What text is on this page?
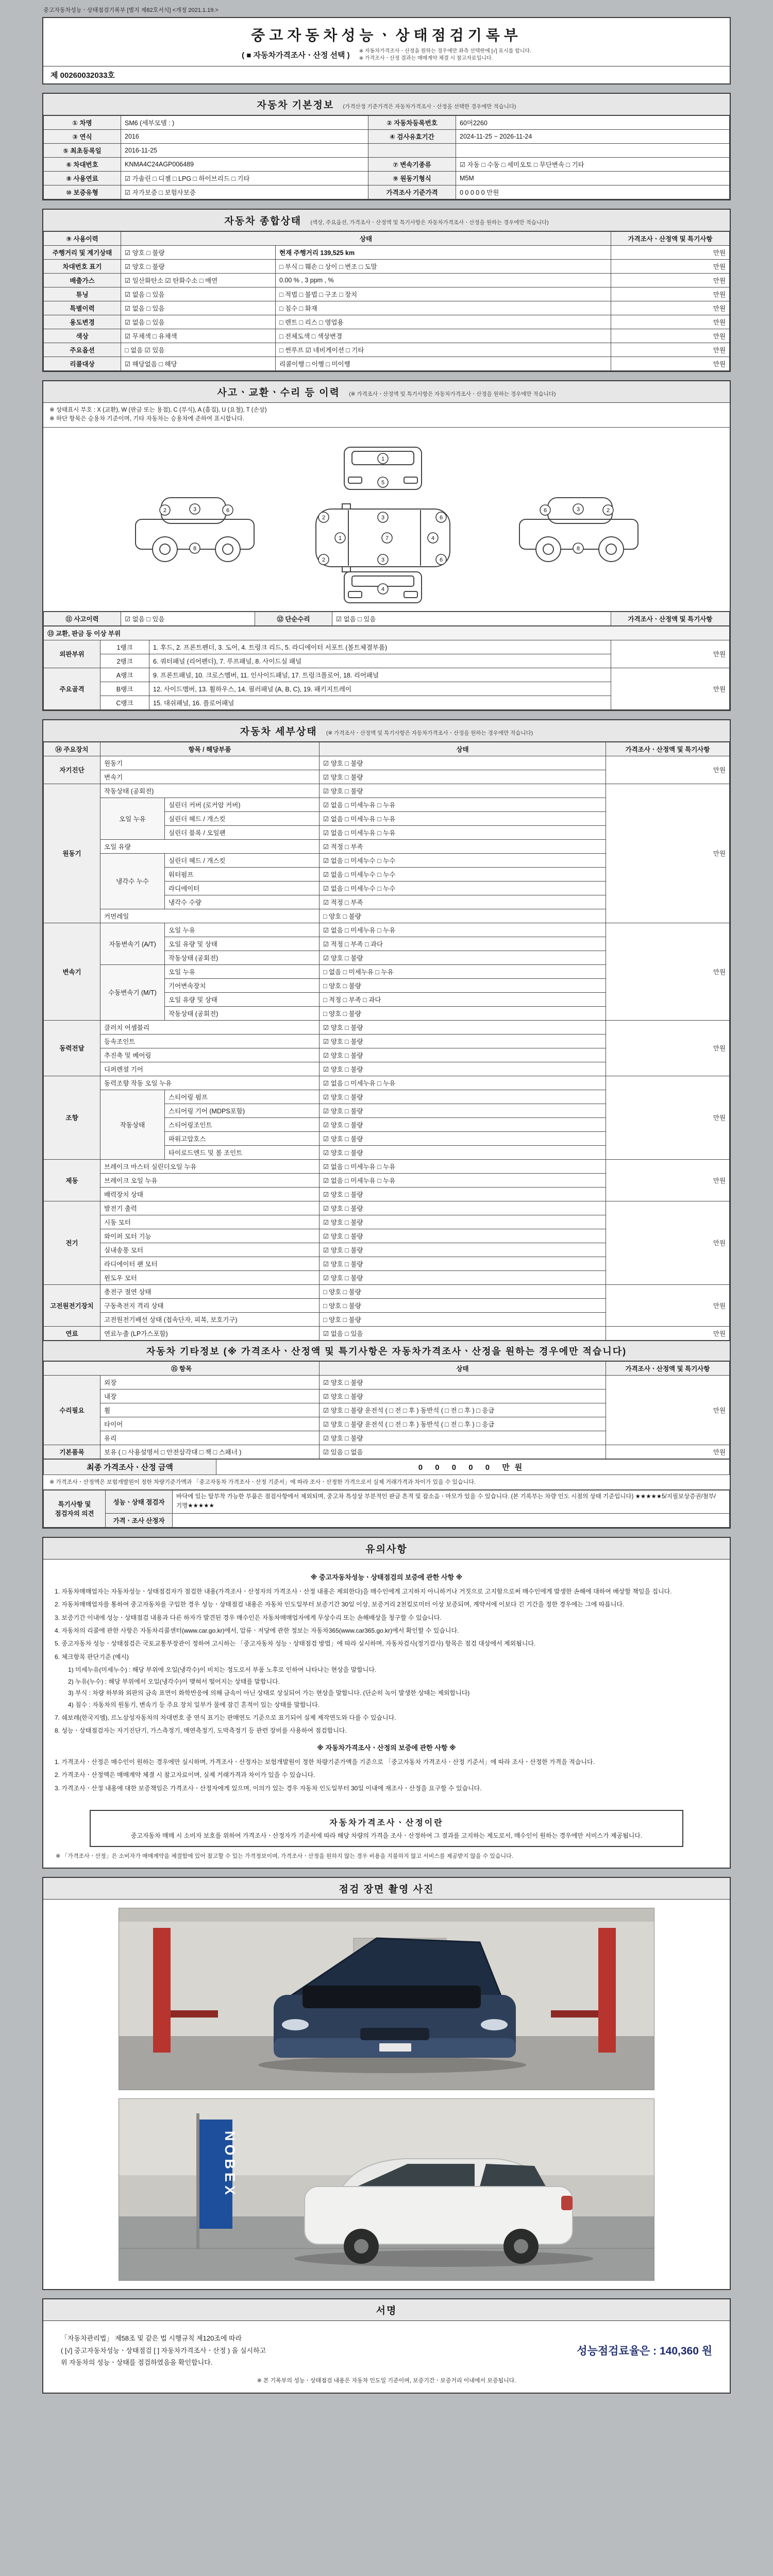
중고자동차성능ㆍ상태점검기록부 [별지 제82호서식] <개정 2021.1.19.>
중고자동차성능ㆍ상태점검기록부
( ■ 자동차가격조사ㆍ산정 선택 ) ※ 자동차가격조사ㆍ산정을 원하는 경우에만 좌측 선택란에 [√] 표시를 합니다.
※ 가격조사ㆍ산정 결과는 매매계약 체결 시 참고자료입니다.
제 00260032033호
자동차 기본정보 (가격산정 기준가격은 자동차가격조사ㆍ산정을 선택한 경우에만 적습니다)
① 차명	SM6 (세부모델 : )	② 자동차등록번호	60머2260
③ 연식	2016	④ 검사유효기간	2024-11-25 ~ 2026-11-24
⑤ 최초등록일	2016-11-25		
⑥ 차대번호	KNMA4C24AGP006489	⑦ 변속기종류	☑ 자동 □ 수동 □ 세미오토 □ 무단변속 □ 기타
⑧ 사용연료	☑ 가솔린 □ 디젤 □ LPG □ 하이브리드 □ 기타	⑨ 원동기형식	M5M
⑩ 보증유형	☑ 자가보증 □ 보험사보증	가격조사 기준가격	0 0 0 0 0 만원
자동차 종합상태 (색상, 주요옵션, 가격조사ㆍ산정액 및 특기사항은 자동차가격조사ㆍ산정을 원하는 경우에만 적습니다)
⑨ 사용이력	상태		가격조사ㆍ산정액 및 특기사항
주행거리 및 계기상태	☑ 양호 □ 불량	현재 주행거리 139,525 km	만원
차대번호 표기	☑ 양호 □ 불량	□ 부식 □ 훼손 □ 상이 □ 변조 □ 도말	만원
배출가스	☑ 일산화탄소 ☑ 탄화수소 □ 매연	0.00 % , 3 ppm , %	만원
튜닝	☑ 없음 □ 있음	□ 적법 □ 불법 □ 구조 □ 장치	만원
특별이력	☑ 없음 □ 있음	□ 침수 □ 화재	만원
용도변경	☑ 없음 □ 있음	□ 렌트 □ 리스 □ 영업용	만원
색상	☑ 무채색 □ 유채색	□ 전체도색 □ 색상변경	만원
주요옵션	□ 없음 ☑ 있음	□ 썬루프 ☑ 네비게이션 □ 기타	만원
리콜대상	☑ 해당없음 □ 해당	리콜이행 □ 이행 □ 미이행	만원
사고ㆍ교환ㆍ수리 등 이력 (※ 가격조사ㆍ산정액 및 특기사항은 자동차가격조사ㆍ산정을 원하는 경우에만 적습니다)
※ 상태표시 부호 : X (교환), W (판금 또는 용접), C (부식), A (흠집), U (요철), T (손상)
※ 하단 항목은 승용차 기준이며, 기타 자동차는 승용차에 준하여 표시합니다.
1
5
2
2
3
3
6
6
1	7	4
4
2	3	6
8
2
3
6
8
⑪ 사고이력	☑ 없음 □ 있음	⑫ 단순수리	☑ 없음 □ 있음	가격조사ㆍ산정액 및 특기사항
⑬ 교환, 판금 등 이상 부위			
외판부위	1랭크	1. 후드, 2. 프론트펜더, 3. 도어, 4. 트렁크 리드, 5. 라디에이터 서포트 (볼트체결부품)	만원
	2랭크	6. 쿼터패널 (리어펜더), 7. 루프패널, 8. 사이드실 패널	
주요골격	A랭크	9. 프론트패널, 10. 크로스멤버, 11. 인사이드패널, 17. 트렁크플로어, 18. 리어패널	만원
	B랭크	12. 사이드멤버, 13. 휠하우스, 14. 필러패널 (A, B, C), 19. 패키지트레이	
	C랭크	15. 대쉬패널, 16. 플로어패널	
자동차 세부상태 (※ 가격조사ㆍ산정액 및 특기사항은 자동차가격조사ㆍ산정을 원하는 경우에만 적습니다)
⑭ 주요장치	항목 / 해당부품		상태	가격조사ㆍ산정액 및 특기사항
자기진단	원동기		☑ 양호 □ 불량	만원
	변속기		☑ 양호 □ 불량	
원동기	작동상태 (공회전)		☑ 양호 □ 불량	만원
	오일 누유	실린더 커버 (로커암 커버)	☑ 없음 □ 미세누유 □ 누유	
		실린더 헤드 / 개스킷	☑ 없음 □ 미세누유 □ 누유	
		실린더 블록 / 오일팬	☑ 없음 □ 미세누유 □ 누유	
	오일 유량		☑ 적정 □ 부족	
	냉각수 누수	실린더 헤드 / 개스킷	☑ 없음 □ 미세누수 □ 누수	
		워터펌프	☑ 없음 □ 미세누수 □ 누수	
		라디에이터	☑ 없음 □ 미세누수 □ 누수	
		냉각수 수량	☑ 적정 □ 부족	
	커먼레일		□ 양호 □ 불량	
변속기	자동변속기 (A/T)	오일 누유	☑ 없음 □ 미세누유 □ 누유	만원
		오일 유량 및 상태	☑ 적정 □ 부족 □ 과다	
		작동상태 (공회전)	☑ 양호 □ 불량	
	수동변속기 (M/T)	오일 누유	□ 없음 □ 미세누유 □ 누유	
		기어변속장치	□ 양호 □ 불량	
		오일 유량 및 상태	□ 적정 □ 부족 □ 과다	
		작동상태 (공회전)	□ 양호 □ 불량	
동력전달	클러치 어셈블리		☑ 양호 □ 불량	만원
	등속조인트		☑ 양호 □ 불량	
	추진축 및 베어링		☑ 양호 □ 불량	
	디퍼렌셜 기어		☑ 양호 □ 불량	
조향	동력조향 작동 오일 누유		☑ 없음 □ 미세누유 □ 누유	만원
	작동상태	스티어링 펌프	☑ 양호 □ 불량	
		스티어링 기어 (MDPS포함)	☑ 양호 □ 불량	
		스티어링조인트	☑ 양호 □ 불량	
		파워고압호스	☑ 양호 □ 불량	
		타이로드엔드 및 볼 조인트	☑ 양호 □ 불량	
제동	브레이크 마스터 실린더오일 누유		☑ 없음 □ 미세누유 □ 누유	만원
	브레이크 오일 누유		☑ 없음 □ 미세누유 □ 누유	
	배력장치 상태		☑ 양호 □ 불량	
전기	발전기 출력		☑ 양호 □ 불량	만원
	시동 모터		☑ 양호 □ 불량	
	와이퍼 모터 기능		☑ 양호 □ 불량	
	실내송풍 모터		☑ 양호 □ 불량	
	라디에이터 팬 모터		☑ 양호 □ 불량	
	윈도우 모터		☑ 양호 □ 불량	
고전원전기장치	충전구 절연 상태		□ 양호 □ 불량	만원
	구동축전지 격리 상태		□ 양호 □ 불량	
	고전원전기배선 상태 (접속단자, 피복, 보호기구)		□ 양호 □ 불량	
연료	연료누출 (LP가스포함)		☑ 없음 □ 있음	만원
자동차 기타정보 (※ 가격조사ㆍ산정액 및 특기사항은 자동차가격조사ㆍ산정을 원하는 경우에만 적습니다)
⑮ 항목		상태	가격조사ㆍ산정액 및 특기사항
수리필요	외장	☑ 양호 □ 불량	만원
	내장	☑ 양호 □ 불량	
	휠	☑ 양호 □ 불량 운전석 ( □ 전 □ 후 ) 동반석 ( □ 전 □ 후 ) □ 응급	
	타이어	☑ 양호 □ 불량 운전석 ( □ 전 □ 후 ) 동반석 ( □ 전 □ 후 ) □ 응급	
	유리	☑ 양호 □ 불량	
기본품목	보유 ( □ 사용설명서 □ 안전삼각대 □ 잭 □ 스패너 )	☑ 있음 □ 없음	만원
최종 가격조사ㆍ산정 금액	0 0 0 0 0 만원
※ 가격조사ㆍ산정액은 보험개발원이 정한 차량기준가액과 「중고자동차 가격조사ㆍ산정 기준서」에 따라 조사ㆍ산정한 가격으로서 실제 거래가격과 차이가 있을 수 있습니다.
특기사항 및 점검자의 의견	성능ㆍ상태 점검자	바닥에 있는 탈부착 가능한 부품은 점검사항에서 제외되며, 중고차 특성상 부분적인 판금 흔적 및 잡소음ㆍ마모가 있을 수 있습니다. (본 기록부는 차량 인도 시점의 상태 기준입니다) ★★★★★5/지필보상증권/첨부/기명★★★★★
	가격ㆍ조사 산정자	
유의사항
※ 중고자동차성능ㆍ상태점검의 보증에 관한 사항 ※
1. 자동차매매업자는 자동차성능ㆍ상태점검자가 점검한 내용(가격조사ㆍ산정자의 가격조사ㆍ산정 내용은 제외한다)을 매수인에게 고지하지 아니하거나 거짓으로 고지함으로써 매수인에게 발생한 손해에 대하여 배상할 책임을 집니다.
2. 자동차매매업자를 통하여 중고자동차를 구입한 경우 성능ㆍ상태점검 내용은 자동차 인도일부터 보증기간 30일 이상, 보증거리 2천킬로미터 이상 보증되며, 계약서에 이보다 긴 기간을 정한 경우에는 그에 따릅니다.
3. 보증기간 이내에 성능ㆍ상태점검 내용과 다른 하자가 발견된 경우 매수인은 자동차매매업자에게 무상수리 또는 손해배상을 청구할 수 있습니다.
4. 자동차의 리콜에 관한 사항은 자동차리콜센터(www.car.go.kr)에서, 압류ㆍ저당에 관한 정보는 자동차365(www.car365.go.kr)에서 확인할 수 있습니다.
5. 중고자동차 성능ㆍ상태점검은 국토교통부장관이 정하여 고시하는 「중고자동차 성능ㆍ상태점검 방법」에 따라 실시하며, 자동차검사(정기검사) 항목은 점검 대상에서 제외됩니다.
6. 체크항목 판단기준 (예시)
1) 미세누유(미세누수) : 해당 부위에 오일(냉각수)이 비치는 정도로서 부품 노후로 인하여 나타나는 현상을 말합니다.
2) 누유(누수) : 해당 부위에서 오일(냉각수)이 맺혀서 떨어지는 상태를 말합니다.
3) 부식 : 차량 하부와 외판의 금속 표면이 화학반응에 의해 금속이 아닌 상태로 상실되어 가는 현상을 말합니다. (단순히 녹이 발생한 상태는 제외합니다)
4) 침수 : 자동차의 원동기, 변속기 등 주요 장치 일부가 물에 잠긴 흔적이 있는 상태를 말합니다.
7. 쉐보레(한국지엠), 르노삼성자동차의 차대번호 중 연식 표기는 판매연도 기준으로 표기되어 실제 제작연도와 다를 수 있습니다.
8. 성능ㆍ상태점검자는 자기진단기, 가스측정기, 매연측정기, 도막측정기 등 관련 장비를 사용하여 점검합니다.
※ 자동차가격조사ㆍ산정의 보증에 관한 사항 ※
1. 가격조사ㆍ산정은 매수인이 원하는 경우에만 실시하며, 가격조사ㆍ산정자는 보험개발원이 정한 차량기준가액을 기준으로 「중고자동차 가격조사ㆍ산정 기준서」에 따라 조사ㆍ산정한 가격을 적습니다.
2. 가격조사ㆍ산정액은 매매계약 체결 시 참고자료이며, 실제 거래가격과 차이가 있을 수 있습니다.
3. 가격조사ㆍ산정 내용에 대한 보증책임은 가격조사ㆍ산정자에게 있으며, 이의가 있는 경우 자동차 인도일부터 30일 이내에 재조사ㆍ산정을 요구할 수 있습니다.
자동차가격조사ㆍ산정이란
중고자동차 매매 시 소비자 보호를 위하여 가격조사ㆍ산정자가 기준서에 따라 해당 차량의 가격을 조사ㆍ산정하여 그 결과를 고지하는 제도로서, 매수인이 원하는 경우에만 서비스가 제공됩니다.
※ 「가격조사ㆍ산정」은 소비자가 매매계약을 체결함에 있어 참고할 수 있는 가격정보이며, 가격조사ㆍ산정을 원하지 않는 경우 비용을 지불하지 않고 서비스를 제공받지 않을 수 있습니다.
점검 장면 촬영 사진
NOBEX
서명
「자동차관리법」 제58조 및 같은 법 시행규칙 제120조에 따라
( [√] 중고자동차성능ㆍ상태점검 [ ] 자동차가격조사ㆍ산정 ) 을 실시하고
위 자동차의 성능ㆍ상태를 점검하였음을 확인합니다.
성능점검료율은 : 140,360 원
※ 본 기록부의 성능ㆍ상태점검 내용은 자동차 인도일 기준이며, 보증기간ㆍ보증거리 이내에서 보증됩니다.
